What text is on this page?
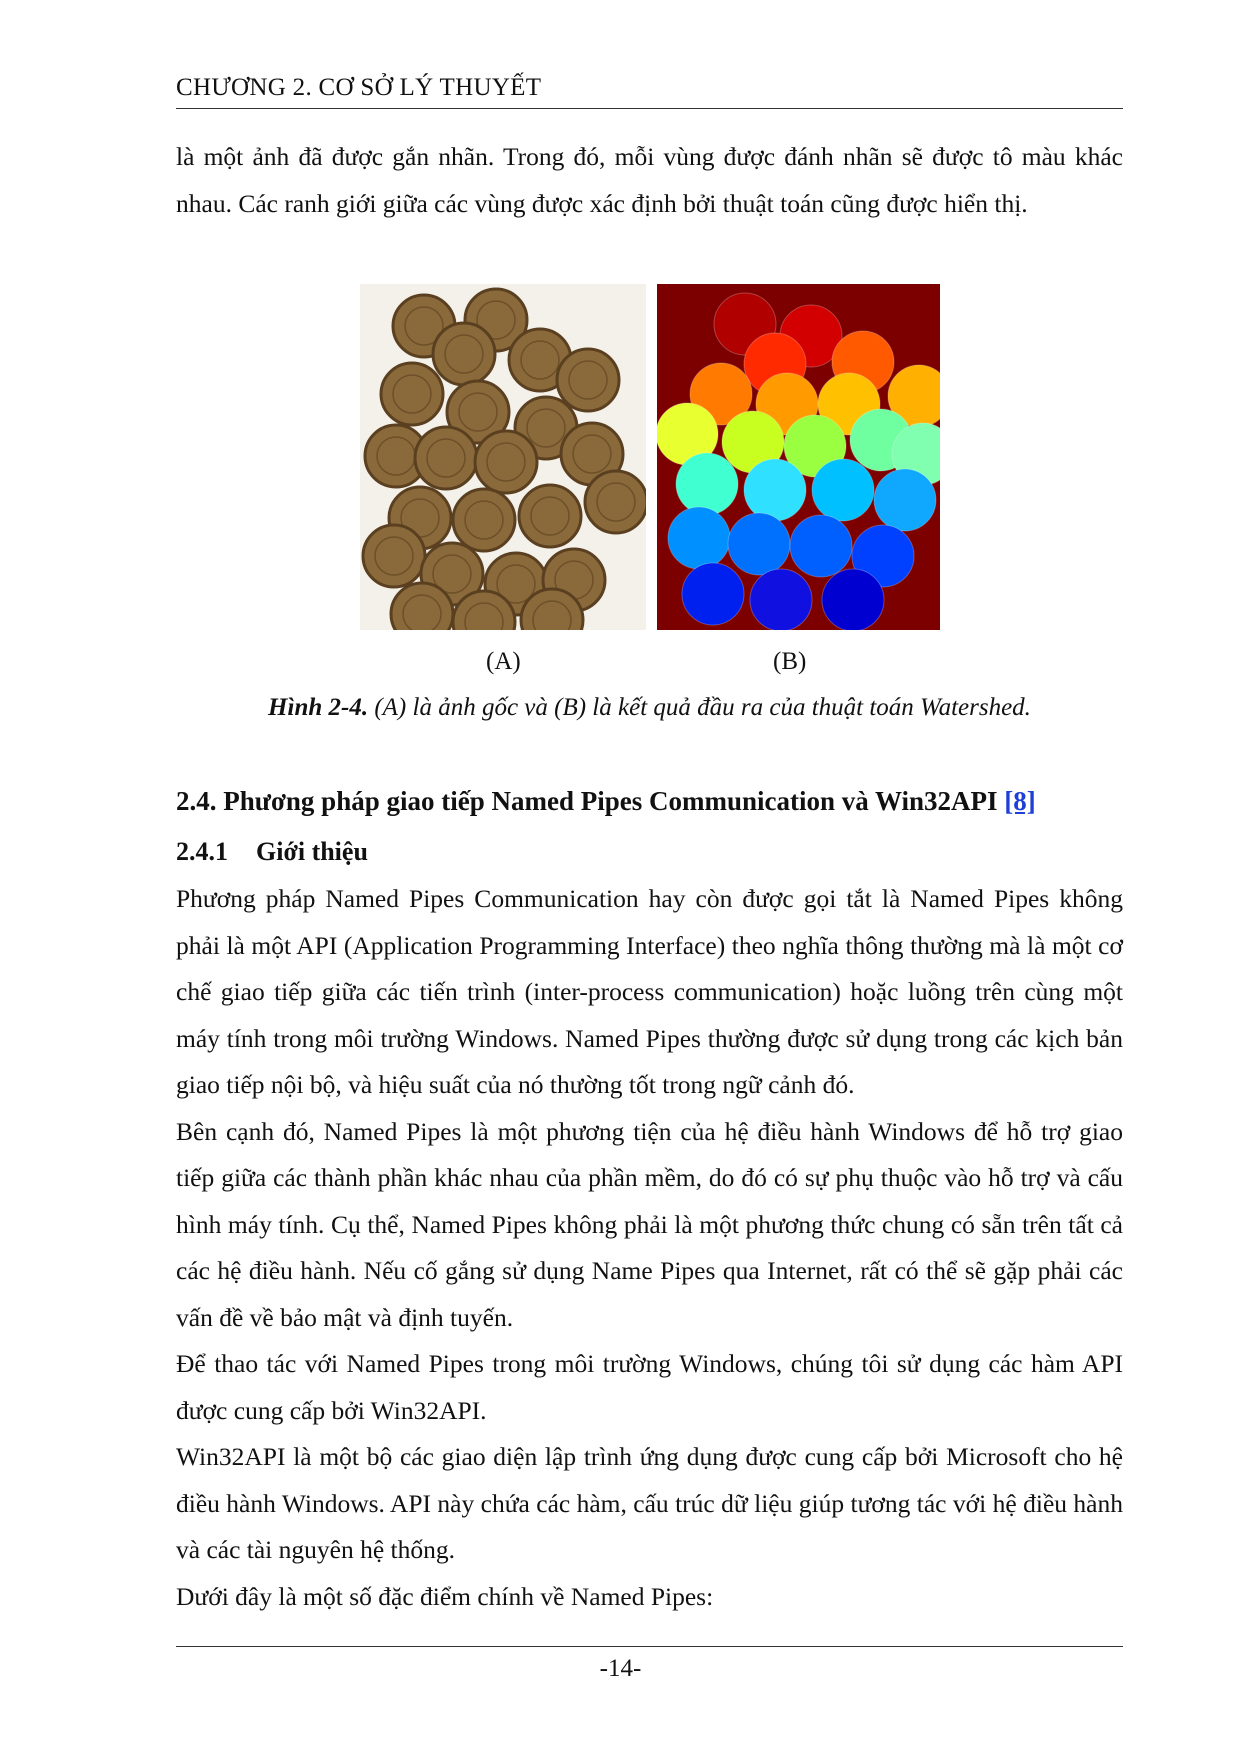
CHƯƠNG 2. CƠ SỞ LÝ THUYẾT

là một ảnh đã được gắn nhãn. Trong đó, mỗi vùng được đánh nhãn sẽ được tô màu khác nhau. Các ranh giới giữa các vùng được xác định bởi thuật toán cũng được hiển thị.

(A)	(B)
Hình 2-4. (A) là ảnh gốc và (B) là kết quả đầu ra của thuật toán Watershed.
2.4. Phương pháp giao tiếp Named Pipes Communication và Win32API [8]
2.4.1 Giới thiệu

Phương pháp Named Pipes Communication hay còn được gọi tắt là Named Pipes không phải là một API (Application Programming Interface) theo nghĩa thông thường mà là một cơ chế giao tiếp giữa các tiến trình (inter-process communication) hoặc luồng trên cùng một máy tính trong môi trường Windows. Named Pipes thường được sử dụng trong các kịch bản giao tiếp nội bộ, và hiệu suất của nó thường tốt trong ngữ cảnh đó.

Bên cạnh đó, Named Pipes là một phương tiện của hệ điều hành Windows để hỗ trợ giao tiếp giữa các thành phần khác nhau của phần mềm, do đó có sự phụ thuộc vào hỗ trợ và cấu hình máy tính. Cụ thể, Named Pipes không phải là một phương thức chung có sẵn trên tất cả các hệ điều hành. Nếu cố gắng sử dụng Name Pipes qua Internet, rất có thể sẽ gặp phải các vấn đề về bảo mật và định tuyến.

Để thao tác với Named Pipes trong môi trường Windows, chúng tôi sử dụng các hàm API được cung cấp bởi Win32API.

Win32API là một bộ các giao diện lập trình ứng dụng được cung cấp bởi Microsoft cho hệ điều hành Windows. API này chứa các hàm, cấu trúc dữ liệu giúp tương tác với hệ điều hành và các tài nguyên hệ thống.

Dưới đây là một số đặc điểm chính về Named Pipes:

-14-
